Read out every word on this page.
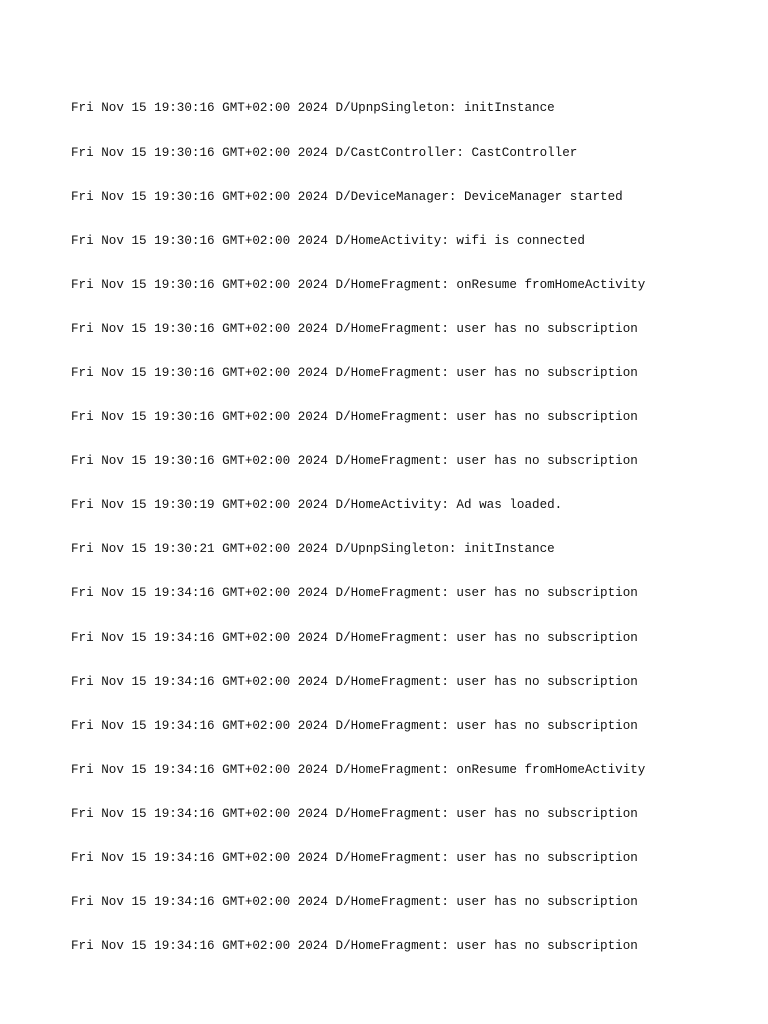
Fri Nov 15 19:30:16 GMT+02:00 2024 D/UpnpSingleton: initInstance

Fri Nov 15 19:30:16 GMT+02:00 2024 D/CastController: CastController

Fri Nov 15 19:30:16 GMT+02:00 2024 D/DeviceManager: DeviceManager started

Fri Nov 15 19:30:16 GMT+02:00 2024 D/HomeActivity: wifi is connected

Fri Nov 15 19:30:16 GMT+02:00 2024 D/HomeFragment: onResume fromHomeActivity

Fri Nov 15 19:30:16 GMT+02:00 2024 D/HomeFragment: user has no subscription

Fri Nov 15 19:30:16 GMT+02:00 2024 D/HomeFragment: user has no subscription

Fri Nov 15 19:30:16 GMT+02:00 2024 D/HomeFragment: user has no subscription

Fri Nov 15 19:30:16 GMT+02:00 2024 D/HomeFragment: user has no subscription

Fri Nov 15 19:30:19 GMT+02:00 2024 D/HomeActivity: Ad was loaded.

Fri Nov 15 19:30:21 GMT+02:00 2024 D/UpnpSingleton: initInstance

Fri Nov 15 19:34:16 GMT+02:00 2024 D/HomeFragment: user has no subscription

Fri Nov 15 19:34:16 GMT+02:00 2024 D/HomeFragment: user has no subscription

Fri Nov 15 19:34:16 GMT+02:00 2024 D/HomeFragment: user has no subscription

Fri Nov 15 19:34:16 GMT+02:00 2024 D/HomeFragment: user has no subscription

Fri Nov 15 19:34:16 GMT+02:00 2024 D/HomeFragment: onResume fromHomeActivity

Fri Nov 15 19:34:16 GMT+02:00 2024 D/HomeFragment: user has no subscription

Fri Nov 15 19:34:16 GMT+02:00 2024 D/HomeFragment: user has no subscription

Fri Nov 15 19:34:16 GMT+02:00 2024 D/HomeFragment: user has no subscription

Fri Nov 15 19:34:16 GMT+02:00 2024 D/HomeFragment: user has no subscription
